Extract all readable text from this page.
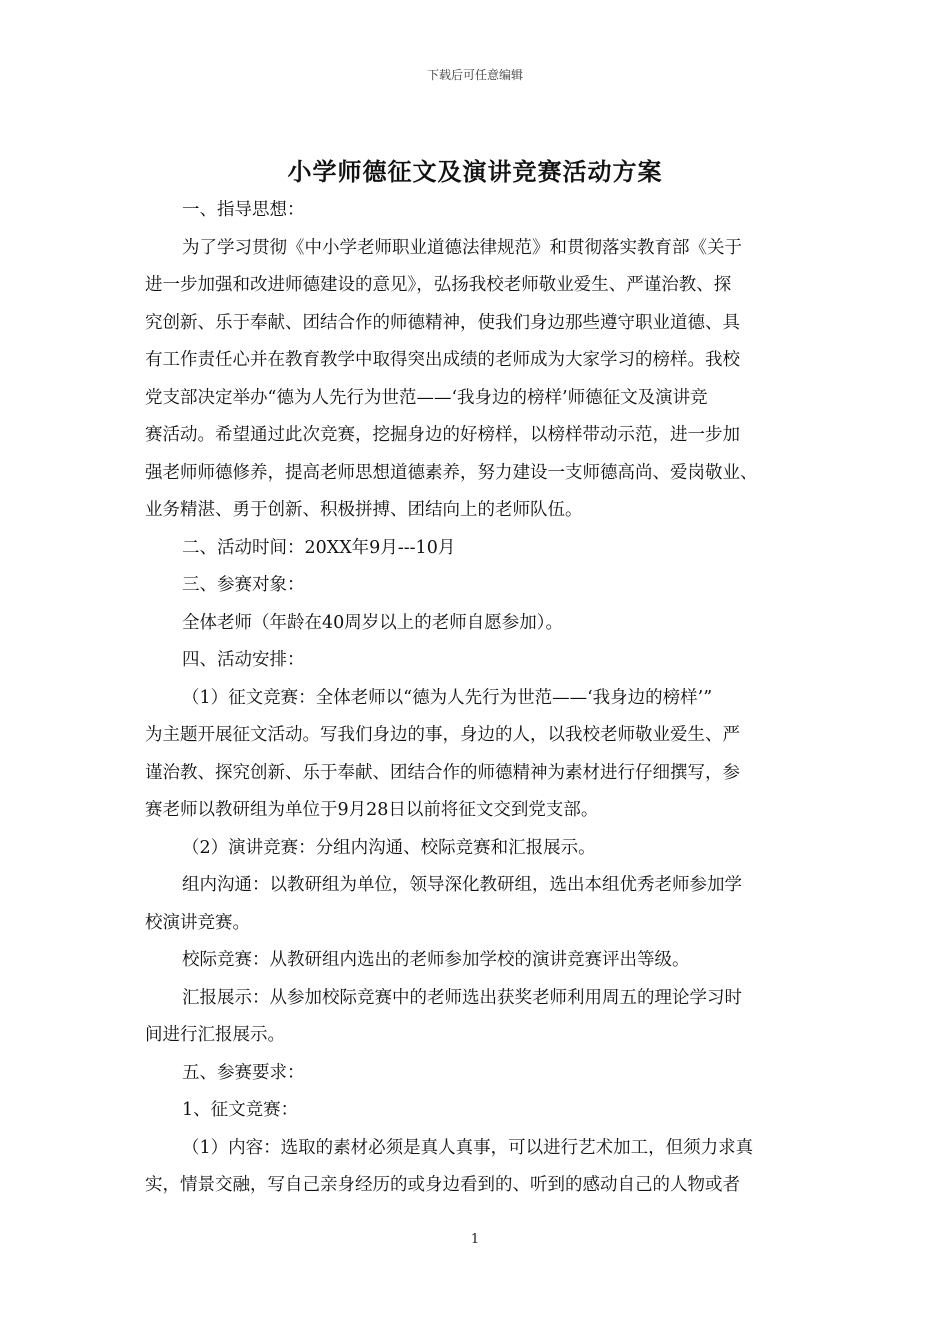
下载后可任意编辑
小学师德征文及演讲竞赛活动方案

一、指导思想：

为了学习贯彻《中小学老师职业道德法律规范》和贯彻落实教育部《关于

进一步加强和改进师德建设的意见》，弘扬我校老师敬业爱生、严谨治教、探

究创新、乐于奉献、团结合作的师德精神，使我们身边那些遵守职业道德、具

有工作责任心并在教育教学中取得突出成绩的老师成为大家学习的榜样。我校

党支部决定举办“德为人先行为世范——‘我身边的榜样’师德征文及演讲竞

赛活动。希望通过此次竞赛，挖掘身边的好榜样，以榜样带动示范，进一步加

强老师师德修养，提高老师思想道德素养，努力建设一支师德高尚、爱岗敬业、

业务精湛、勇于创新、积极拼搏、团结向上的老师队伍。

二、活动时间：20XX年9月---10月

三、参赛对象：

全体老师（年龄在40周岁以上的老师自愿参加）。

四、活动安排：

（1）征文竞赛：全体老师以“德为人先行为世范——‘我身边的榜样’”

为主题开展征文活动。写我们身边的事，身边的人，以我校老师敬业爱生、严

谨治教、探究创新、乐于奉献、团结合作的师德精神为素材进行仔细撰写，参

赛老师以教研组为单位于9月28日以前将征文交到党支部。

（2）演讲竞赛：分组内沟通、校际竞赛和汇报展示。

组内沟通：以教研组为单位，领导深化教研组，选出本组优秀老师参加学

校演讲竞赛。

校际竞赛：从教研组内选出的老师参加学校的演讲竞赛评出等级。

汇报展示：从参加校际竞赛中的老师选出获奖老师利用周五的理论学习时

间进行汇报展示。

五、参赛要求：

1、征文竞赛：

（1）内容：选取的素材必须是真人真事，可以进行艺术加工，但须力求真

实，情景交融，写自己亲身经历的或身边看到的、听到的感动自己的人物或者

1
